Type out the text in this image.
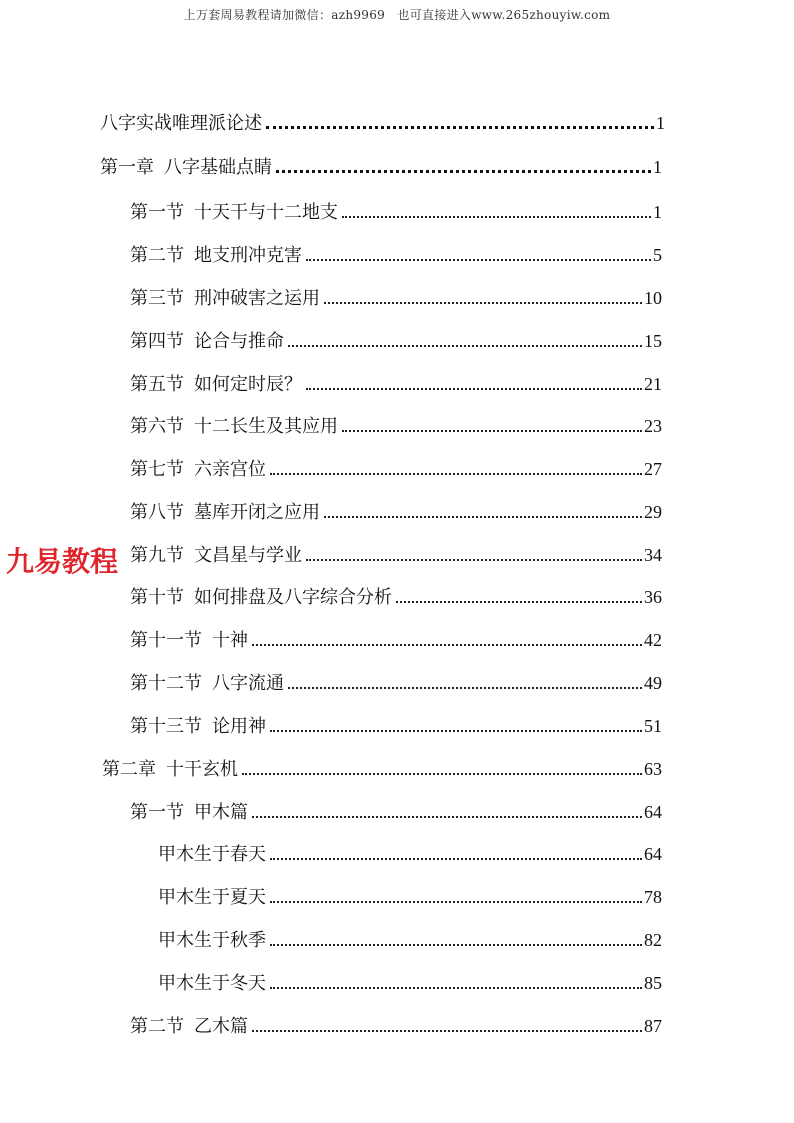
上万套周易教程请加微信：azh9969　也可直接进入www.265zhouyiw.com
八字实战唯理派论述	1
第一章 八字基础点睛	1
第一节 十天干与十二地支	1
第二节 地支刑冲克害	5
第三节 刑冲破害之运用	10
第四节 论合与推命	15
第五节 如何定时辰？	21
第六节 十二长生及其应用	23
第七节 六亲宫位	27
第八节 墓库开闭之应用	29
第九节 文昌星与学业	34
第十节 如何排盘及八字综合分析	36
第十一节 十神	42
第十二节 八字流通	49
第十三节 论用神	51
第二章 十干玄机	63
第一节 甲木篇	64
甲木生于春天	64
甲木生于夏天	78
甲木生于秋季	82
甲木生于冬天	85
第二节 乙木篇	87
九易教程
